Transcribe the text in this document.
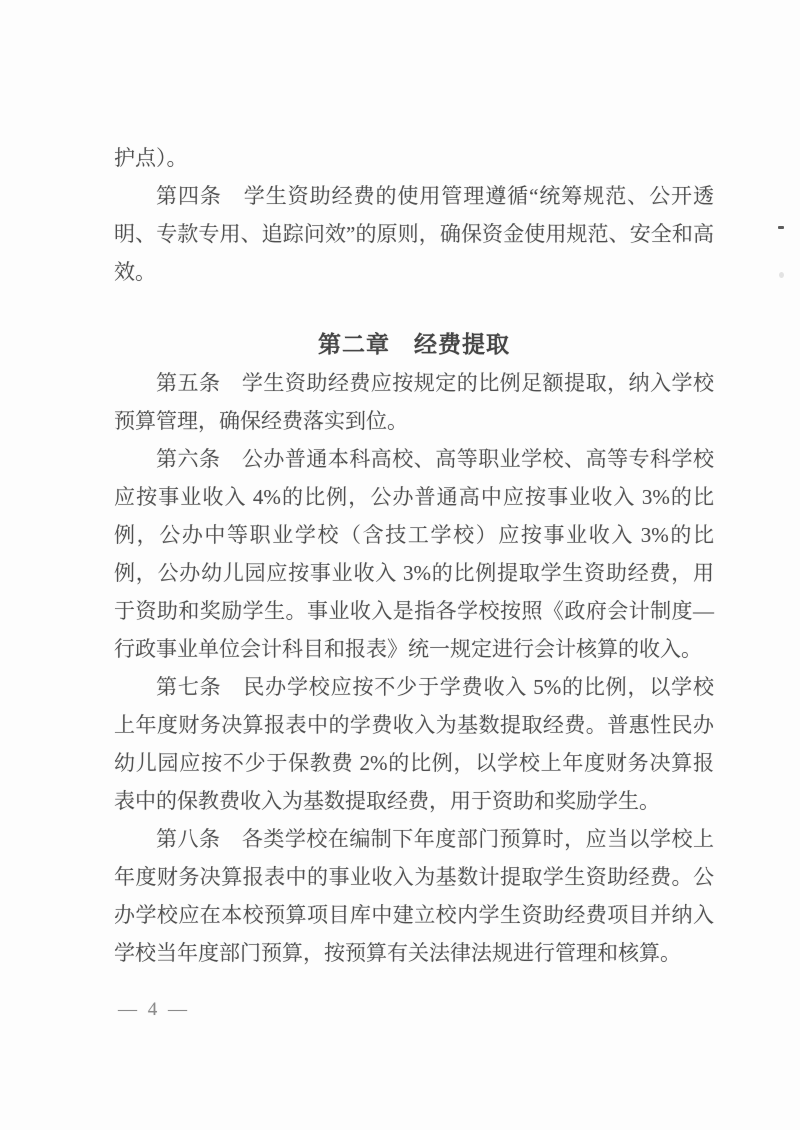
护点）。

第四条　学生资助经费的使用管理遵循“统筹规范、公开透明、专款专用、追踪问效”的原则，确保资金使用规范、安全和高效。

第二章　经费提取

第五条　学生资助经费应按规定的比例足额提取，纳入学校预算管理，确保经费落实到位。

第六条　公办普通本科高校、高等职业学校、高等专科学校应按事业收入 4%的比例，公办普通高中应按事业收入 3%的比例，公办中等职业学校（含技工学校）应按事业收入 3%的比例，公办幼儿园应按事业收入 3%的比例提取学生资助经费，用于资助和奖励学生。事业收入是指各学校按照《政府会计制度—行政事业单位会计科目和报表》统一规定进行会计核算的收入。

第七条　民办学校应按不少于学费收入 5%的比例，以学校上年度财务决算报表中的学费收入为基数提取经费。普惠性民办幼儿园应按不少于保教费 2%的比例，以学校上年度财务决算报表中的保教费收入为基数提取经费，用于资助和奖励学生。

第八条　各类学校在编制下年度部门预算时，应当以学校上年度财务决算报表中的事业收入为基数计提取学生资助经费。公办学校应在本校预算项目库中建立校内学生资助经费项目并纳入学校当年度部门预算，按预算有关法律法规进行管理和核算。

— 4 —
